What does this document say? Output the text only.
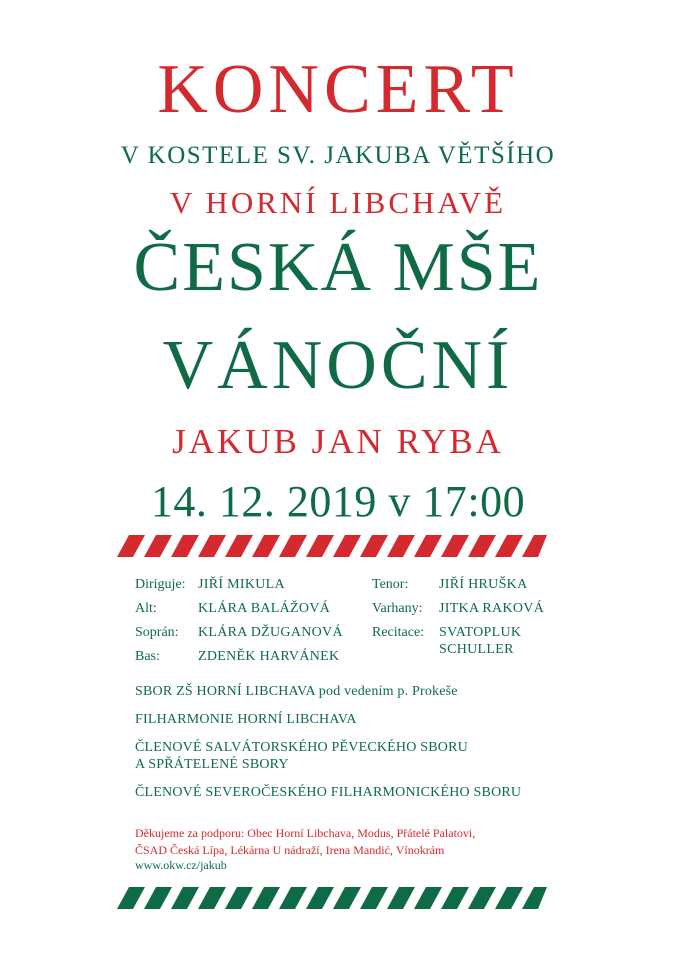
KONCERT
V KOSTELE SV. JAKUBA VĚTŠÍHO
V HORNÍ LIBCHAVĚ
ČESKÁ MŠE
VÁNOČNÍ
JAKUB JAN RYBA
14. 12. 2019 v 17:00
Diriguje: JIŘÍ MIKULA
Alt:	KLÁRA BALÁŽOVÁ
Soprán: KLÁRA DŽUGANOVÁ
Bas:	ZDENĚK HARVÁNEK
Tenor: JIŘÍ HRUŠKA
Varhany: JITKA RAKOVÁ
Recitace: SVATOPLUK
SCHULLER
SBOR ZŠ HORNÍ LIBCHAVA pod vedením p. Prokeše
FILHARMONIE HORNÍ LIBCHAVA
ČLENOVÉ SALVÁTORSKÉHO PĚVECKÉHO SBORU
A SPŘÁTELENÉ SBORY
ČLENOVÉ SEVEROČESKÉHO FILHARMONICKÉHO SBORU
Děkujeme za podporu: Obec Horní Libchava, Modus, Přátelé Palatovi,
ČSAD Česká Lípa, Lékárna U nádraží, Irena Mandić, Vínokrám
www.okw.cz/jakub
